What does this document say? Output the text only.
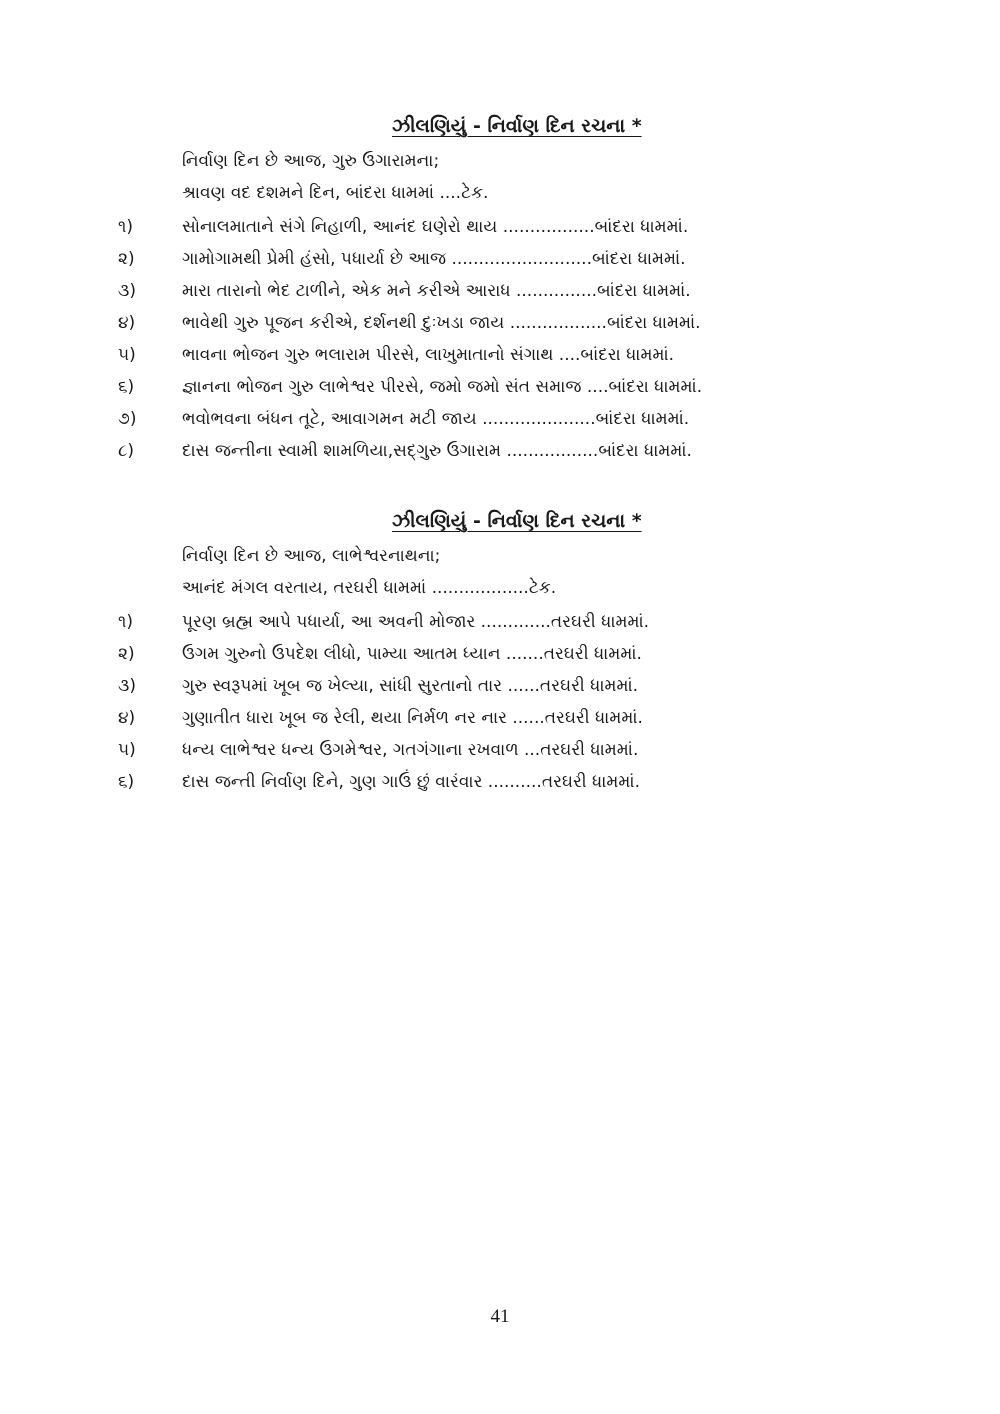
ઝીલણિયું - નિર્વાણ દિન રચના *
નિર્વાણ દિન છે આજ, ગુરુ ઉગારામના;
શ્રાવણ વદ દશમને દિન, બાંદરા ધામમાં ....ટેક.
૧)	સોનાલમાતાને સંગે નિહાળી, આનંદ ઘણેરો થાય .................બાંદરા ધામમાં.
૨)	ગામોગામથી પ્રેમી હંસો, પધાર્યા છે આજ ..........................બાંદરા ધામમાં.
૩)	મારા તારાનો ભેદ ટાળીને, એક મને કરીએ આરાધ ...............બાંદરા ધામમાં.
૪)	ભાવેથી ગુરુ પૂજન કરીએ, દર્શનથી દુઃખડા જાય ..................બાંદરા ધામમાં.
૫)	ભાવના ભોજન ગુરુ ભલારામ પીરસે, લાખુમાતાનો સંગાથ ....બાંદરા ધામમાં.
૬)	જ્ઞાનના ભોજન ગુરુ લાભેશ્વર પીરસે, જમો જમો સંત સમાજ ....બાંદરા ધામમાં.
૭)	ભવોભવના બંધન તૂટે, આવાગમન મટી જાય .....................બાંદરા ધામમાં.
૮)	દાસ જન્તીના સ્વામી શામળિયા,સદ્‌ગુરુ ઉગારામ .................બાંદરા ધામમાં.
ઝીલણિયું - નિર્વાણ દિન રચના *
નિર્વાણ દિન છે આજ, લાભેશ્વરનાથના;
આનંદ મંગલ વરતાય, તરઘરી ધામમાં ..................ટેક.
૧)	પૂરણ બ્રહ્મ આપે પધાર્યા, આ અવની મોજાર .............તરઘરી ધામમાં.
૨)	ઉગમ ગુરુનો ઉપદેશ લીધો, પામ્યા આતમ ધ્યાન .......તરઘરી ધામમાં.
૩)	ગુરુ સ્વરૂપમાં ખૂબ જ ખેલ્યા, સાંધી સુરતાનો તાર ......તરઘરી ધામમાં.
૪)	ગુણાતીત ધારા ખૂબ જ રેલી, થયા નિર્મળ નર નાર ......તરઘરી ધામમાં.
૫)	ધન્ય લાભેશ્વર ધન્ય ઉગમેશ્વર, ગતગંગાના રખવાળ ...તરઘરી ધામમાં.
૬)	દાસ જન્તી નિર્વાણ દિને, ગુણ ગાઉં છું વારંવાર ..........તરઘરી ધામમાં.
41
